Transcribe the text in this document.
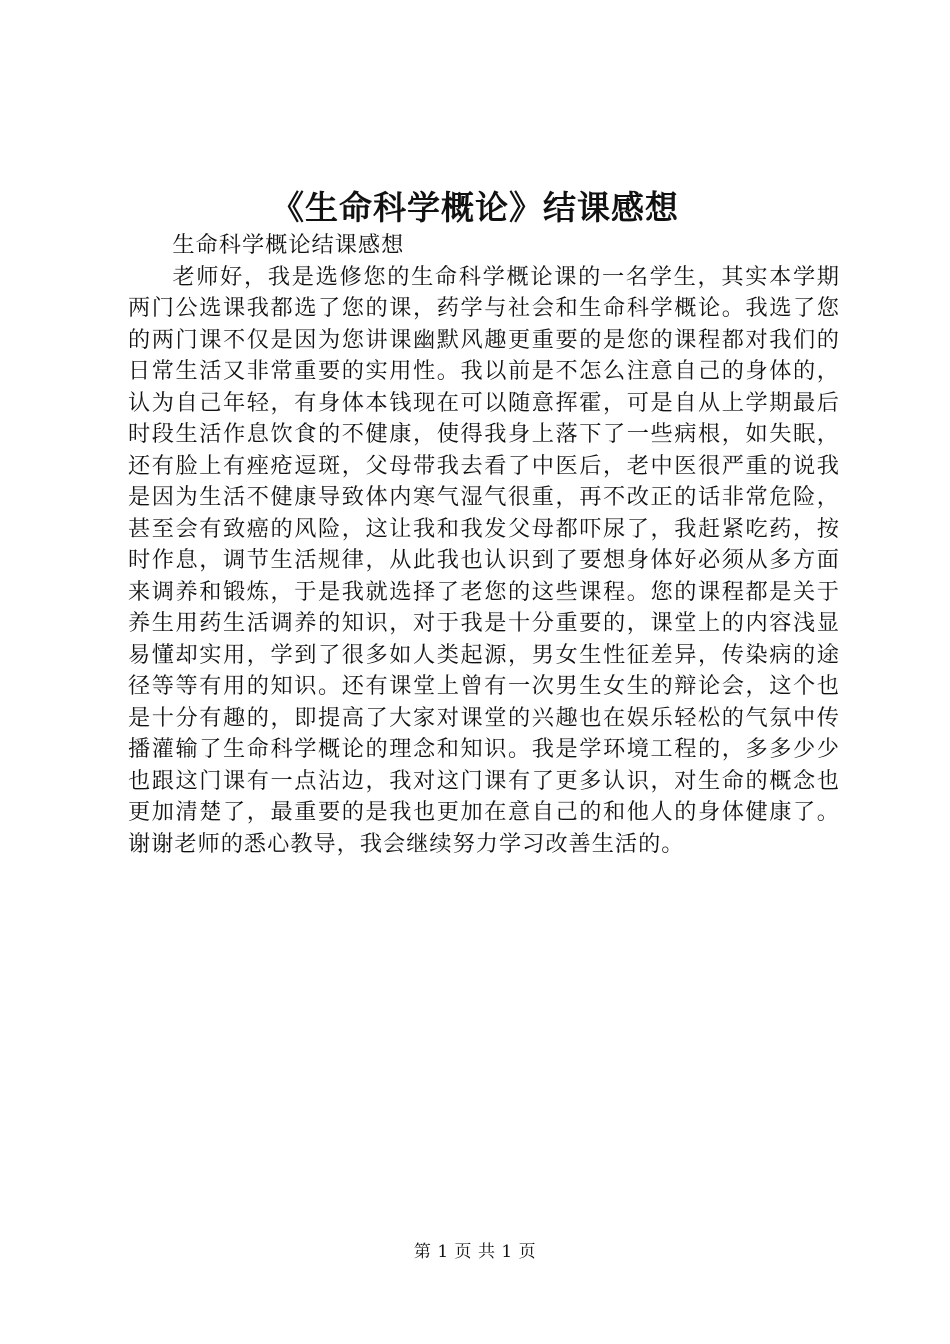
《生命科学概论》结课感想

生命科学概论结课感想

老师好，我是选修您的生命科学概论课的一名学生，其实本学期两门公选课我都选了您的课，药学与社会和生命科学概论。我选了您的两门课不仅是因为您讲课幽默风趣更重要的是您的课程都对我们的日常生活又非常重要的实用性。我以前是不怎么注意自己的身体的，认为自己年轻，有身体本钱现在可以随意挥霍，可是自从上学期最后时段生活作息饮食的不健康，使得我身上落下了一些病根，如失眠，还有脸上有痤疮逗斑，父母带我去看了中医后，老中医很严重的说我是因为生活不健康导致体内寒气湿气很重，再不改正的话非常危险，甚至会有致癌的风险，这让我和我发父母都吓尿了，我赶紧吃药，按时作息，调节生活规律，从此我也认识到了要想身体好必须从多方面来调养和锻炼，于是我就选择了老您的这些课程。您的课程都是关于养生用药生活调养的知识，对于我是十分重要的，课堂上的内容浅显易懂却实用，学到了很多如人类起源，男女生性征差异，传染病的途径等等有用的知识。还有课堂上曾有一次男生女生的辩论会，这个也是十分有趣的，即提高了大家对课堂的兴趣也在娱乐轻松的气氛中传播灌输了生命科学概论的理念和知识。我是学环境工程的，多多少少也跟这门课有一点沾边，我对这门课有了更多认识，对生命的概念也更加清楚了，最重要的是我也更加在意自己的和他人的身体健康了。谢谢老师的悉心教导，我会继续努力学习改善生活的。

第 1 页 共 1 页
